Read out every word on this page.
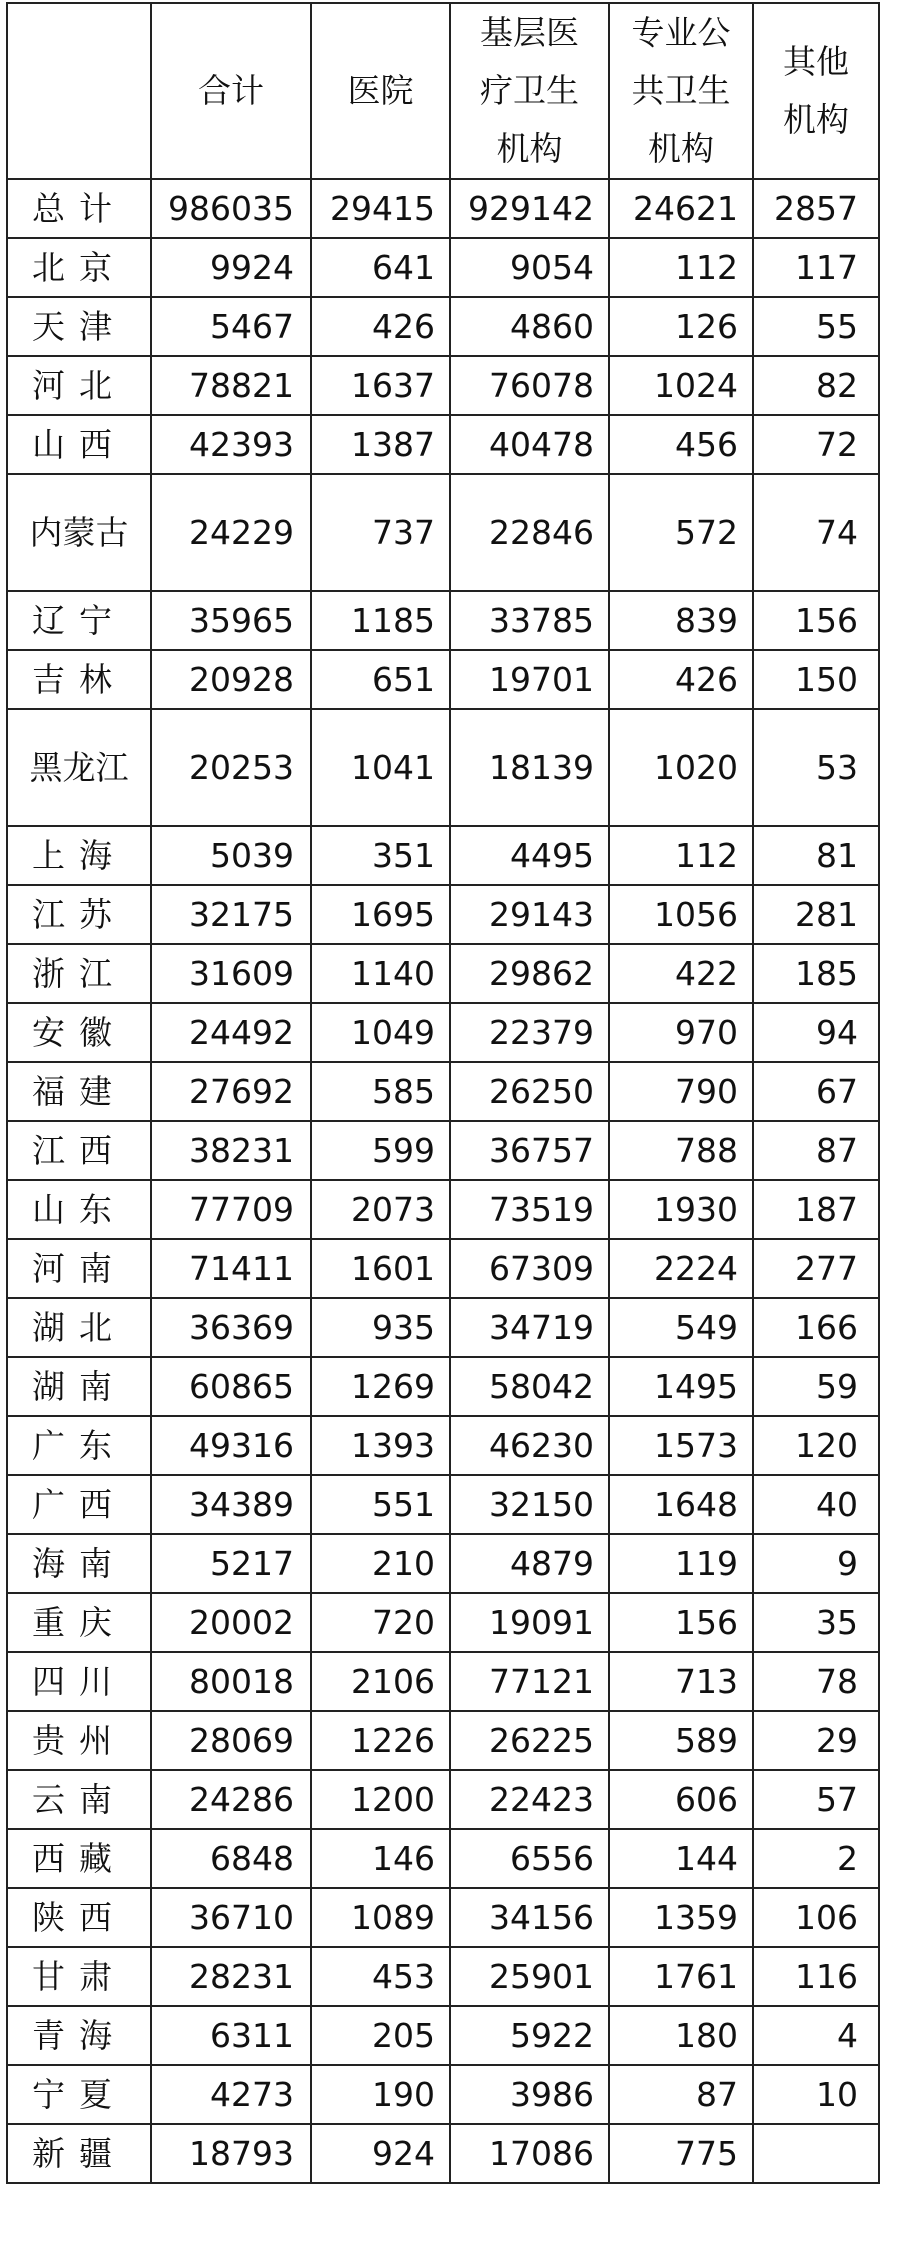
	合计	医院	基层医疗卫生机构	专业公共卫生机构	其他机构
总计	986035	29415	929142	24621	2857
北京	9924	641	9054	112	117
天津	5467	426	4860	126	55
河北	78821	1637	76078	1024	82
山西	42393	1387	40478	456	72
内蒙古	24229	737	22846	572	74
辽宁	35965	1185	33785	839	156
吉林	20928	651	19701	426	150
黑龙江	20253	1041	18139	1020	53
上海	5039	351	4495	112	81
江苏	32175	1695	29143	1056	281
浙江	31609	1140	29862	422	185
安徽	24492	1049	22379	970	94
福建	27692	585	26250	790	67
江西	38231	599	36757	788	87
山东	77709	2073	73519	1930	187
河南	71411	1601	67309	2224	277
湖北	36369	935	34719	549	166
湖南	60865	1269	58042	1495	59
广东	49316	1393	46230	1573	120
广西	34389	551	32150	1648	40
海南	5217	210	4879	119	9
重庆	20002	720	19091	156	35
四川	80018	2106	77121	713	78
贵州	28069	1226	26225	589	29
云南	24286	1200	22423	606	57
西藏	6848	146	6556	144	2
陕西	36710	1089	34156	1359	106
甘肃	28231	453	25901	1761	116
青海	6311	205	5922	180	4
宁夏	4273	190	3986	87	10
新疆	18793	924	17086	775	
